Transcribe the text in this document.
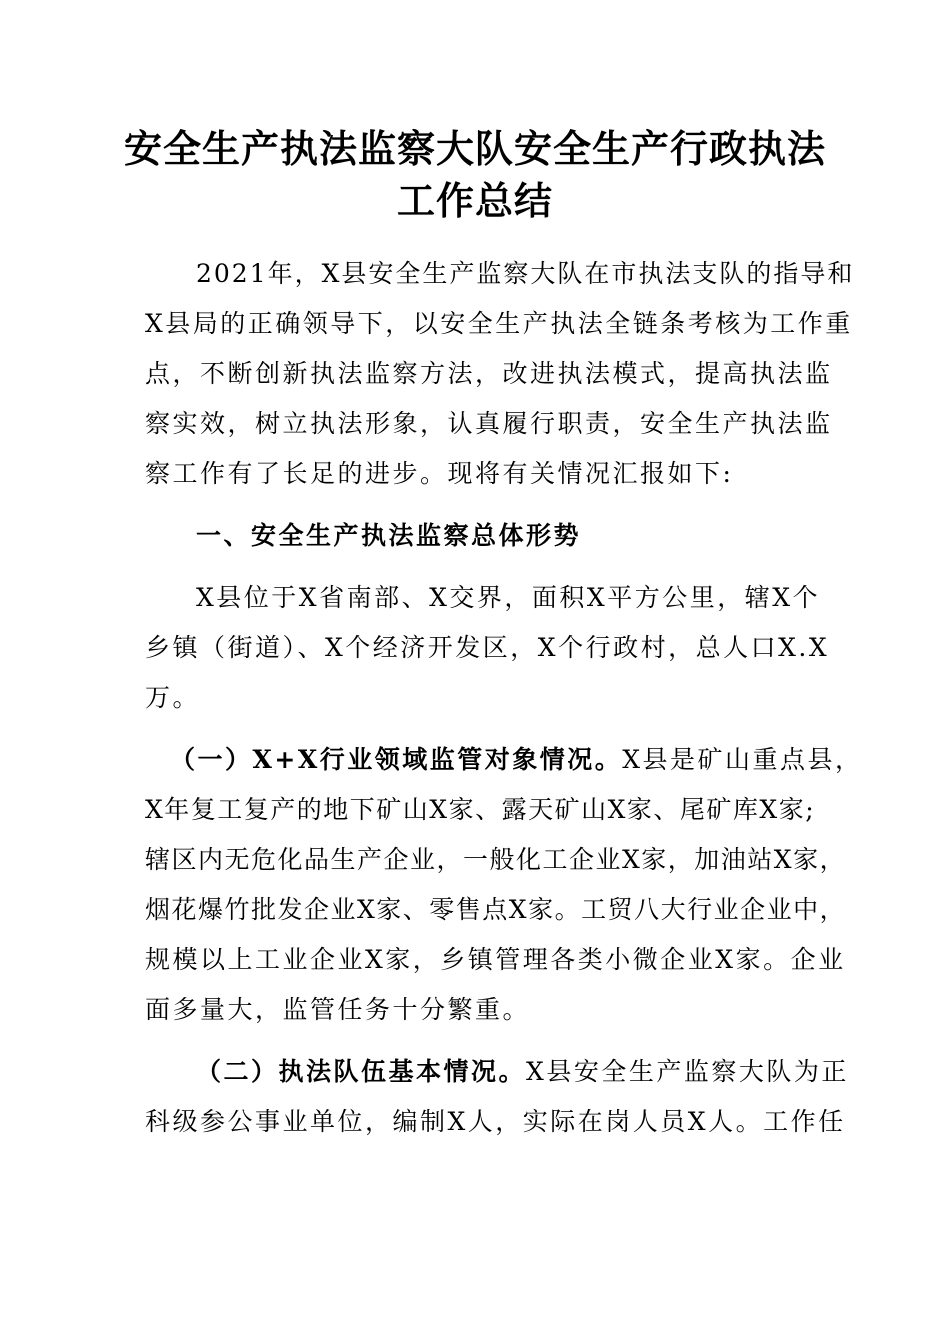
安全生产执法监察大队安全生产行政执法
工作总结
2021年，X县安全生产监察大队在市执法支队的指导和
X县局的正确领导下，以安全生产执法全链条考核为工作重
点，不断创新执法监察方法，改进执法模式，提高执法监
察实效，树立执法形象，认真履行职责，安全生产执法监
察工作有了长足的进步。现将有关情况汇报如下:
一、安全生产执法监察总体形势
X县位于X省南部、X交界，面积X平方公里，辖X个
乡镇（街道）、X个经济开发区，X个行政村，总人口X.X
万。
（一）X+X行业领域监管对象情况。X县是矿山重点县，
X年复工复产的地下矿山X家、露天矿山X家、尾矿库X家;
辖区内无危化品生产企业，一般化工企业X家，加油站X家，
烟花爆竹批发企业X家、零售点X家。工贸八大行业企业中，
规模以上工业企业X家，乡镇管理各类小微企业X家。企业
面多量大，监管任务十分繁重。
（二）执法队伍基本情况。X县安全生产监察大队为正
科级参公事业单位，编制X人，实际在岗人员X人。工作任
